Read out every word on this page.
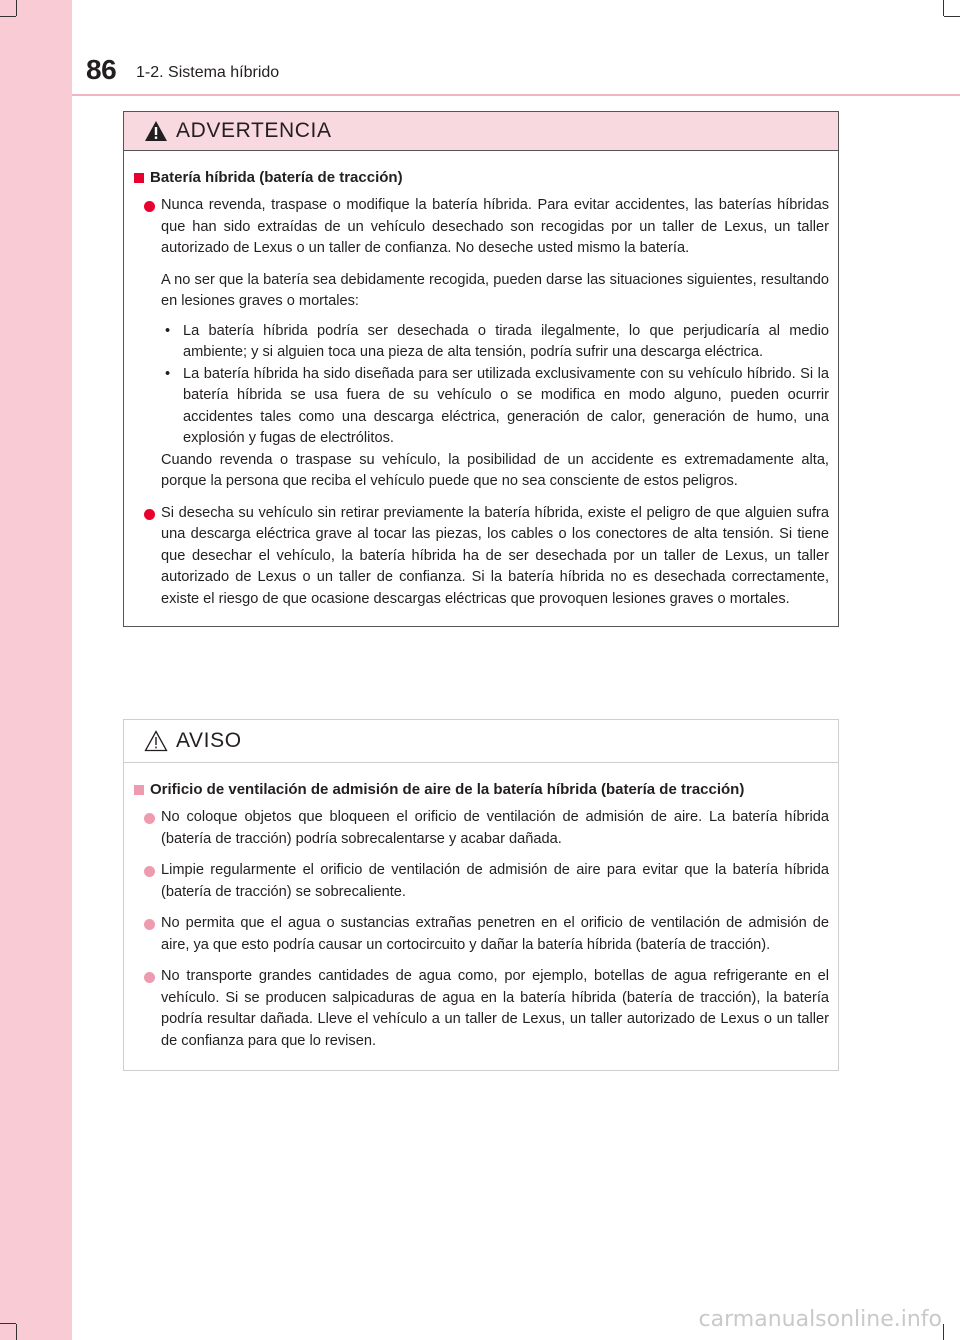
86 1-2. Sistema híbrido
ADVERTENCIA
Batería híbrida (batería de tracción)

Nunca revenda, traspase o modifique la batería híbrida. Para evitar accidentes, las baterías híbridas que han sido extraídas de un vehículo desechado son recogidas por un taller de Lexus, un taller autorizado de Lexus o un taller de confianza. No deseche usted mismo la batería.

A no ser que la batería sea debidamente recogida, pueden darse las situaciones siguientes, resultando en lesiones graves o mortales:

• La batería híbrida podría ser desechada o tirada ilegalmente, lo que perjudicaría al medio ambiente; y si alguien toca una pieza de alta tensión, podría sufrir una descarga eléctrica.
• La batería híbrida ha sido diseñada para ser utilizada exclusivamente con su vehículo híbrido. Si la batería híbrida se usa fuera de su vehículo o se modifica en modo alguno, pueden ocurrir accidentes tales como una descarga eléctrica, generación de calor, generación de humo, una explosión y fugas de electrólitos.

Cuando revenda o traspase su vehículo, la posibilidad de un accidente es extremadamente alta, porque la persona que reciba el vehículo puede que no sea consciente de estos peligros.

Si desecha su vehículo sin retirar previamente la batería híbrida, existe el peligro de que alguien sufra una descarga eléctrica grave al tocar las piezas, los cables o los conectores de alta tensión. Si tiene que desechar el vehículo, la batería híbrida ha de ser desechada por un taller de Lexus, un taller autorizado de Lexus o un taller de confianza. Si la batería híbrida no es desechada correctamente, existe el riesgo de que ocasione descargas eléctricas que provoquen lesiones graves o mortales.

AVISO
Orificio de ventilación de admisión de aire de la batería híbrida (batería de tracción)

No coloque objetos que bloqueen el orificio de ventilación de admisión de aire. La batería híbrida (batería de tracción) podría sobrecalentarse y acabar dañada.

Limpie regularmente el orificio de ventilación de admisión de aire para evitar que la batería híbrida (batería de tracción) se sobrecaliente.

No permita que el agua o sustancias extrañas penetren en el orificio de ventilación de admisión de aire, ya que esto podría causar un cortocircuito y dañar la batería híbrida (batería de tracción).

No transporte grandes cantidades de agua como, por ejemplo, botellas de agua refrigerante en el vehículo. Si se producen salpicaduras de agua en la batería híbrida (batería de tracción), la batería podría resultar dañada. Lleve el vehículo a un taller de Lexus, un taller autorizado de Lexus o un taller de confianza para que lo revisen.

carmanualsonline.info
